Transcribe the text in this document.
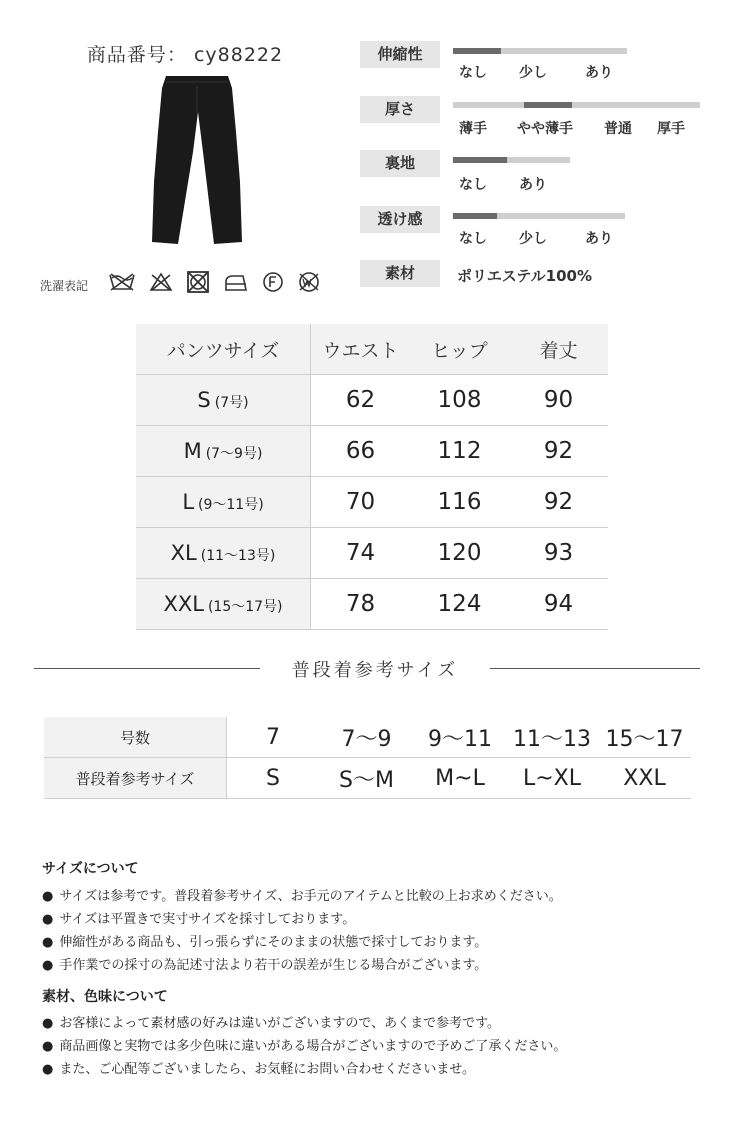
商品番号： cy88222
洗濯表記
伸縮性
なし 少し	あり
厚さ
薄手 やや薄手 普通 厚手
裏地
なし あり
透け感
なし 少し	あり
素材	ポリエステル100%
パンツサイズ	ウエスト	ヒップ	着丈
S (7号)	62	108	90
M (7〜9号)	66	112	92
L (9〜11号)	70	116	92
XL (11〜13号)	74	120	93
XXL (15〜17号)	78	124	94
普段着参考サイズ
号数	7	7〜9	9〜11	11〜13	15〜17
普段着参考サイズ	S	S〜M	M~L	L~XL	XXL
サイズについて
● サイズは参考です。普段着参考サイズ、お手元のアイテムと比較の上お求めください。
● サイズは平置きで実寸サイズを採寸しております。
● 伸縮性がある商品も、引っ張らずにそのままの状態で採寸しております。
● 手作業での採寸の為記述寸法より若干の誤差が生じる場合がございます。
素材、色味について
● お客様によって素材感の好みは違いがございますので、あくまで参考です。
● 商品画像と実物では多少色味に違いがある場合がございますので予めご了承ください。
● また、ご心配等ございましたら、お気軽にお問い合わせくださいませ。
